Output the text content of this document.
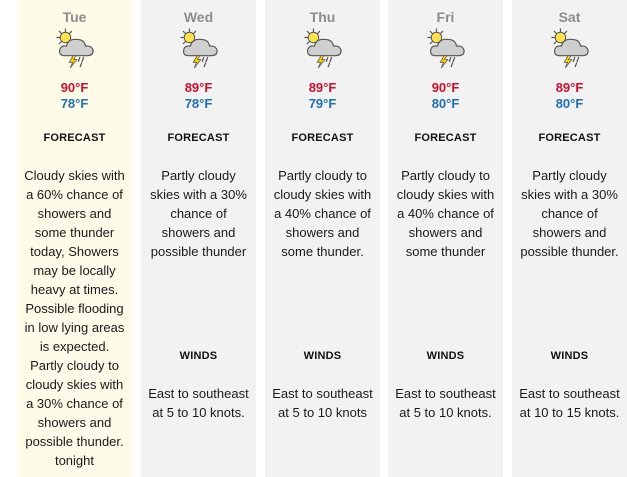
Tue
90°F
78°F
FORECAST
Cloudy skies with a 60% chance of showers and some thunder today, Showers may be locally heavy at times. Possible flooding in low lying areas is expected. Partly cloudy to cloudy skies with a 30% chance of showers and possible thunder. tonight
Wed
89°F
78°F
FORECAST
Partly cloudy skies with a 30% chance of showers and possible thunder
WINDS
East to southeast at 5 to 10 knots.
Thu
89°F
79°F
FORECAST
Partly cloudy to cloudy skies with a 40% chance of showers and some thunder.
WINDS
East to southeast at 5 to 10 knots
Fri
90°F
80°F
FORECAST
Partly cloudy to cloudy skies with a 40% chance of showers and some thunder
WINDS
East to southeast at 5 to 10 knots.
Sat
89°F
80°F
FORECAST
Partly cloudy skies with a 30% chance of showers and possible thunder.
WINDS
East to southeast at 10 to 15 knots.
